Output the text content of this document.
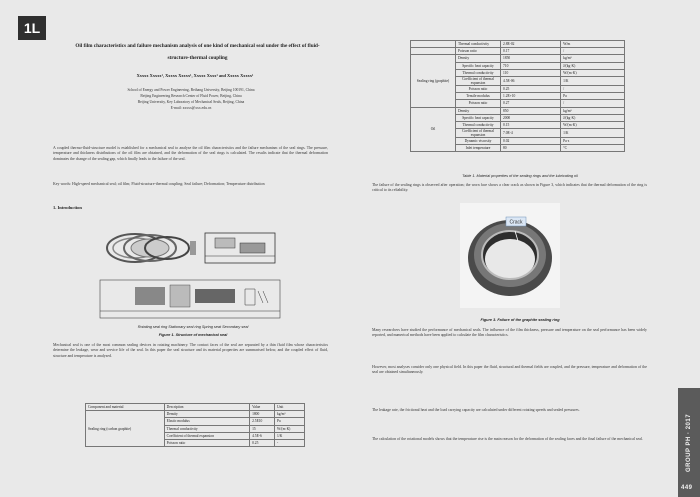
1L
Oil film characteristics and failure mechanism analysis of one kind of mechanical seal under the effect of fluid-structure-thermal coupling
Xxxxx Xxxxx¹, Xxxxx Xxxxx¹, Xxxxx Xxxx¹ and Xxxxx Xxxxx¹
School of Energy and Power Engineering, Beihang University, Beijing 100191, China
Beijing Engineering Research Center of Fluid Power, Beijing, China
Beijing University, Key Laboratory of Mechanical Seals, Beijing, China
E-mail: xxxxx@xxx.edu.cn

A coupled thermo-fluid-structure model is established for a mechanical seal to analyse the oil film characteristics and the failure mechanism of the seal rings. The pressure, temperature and thickness distributions of the oil film are obtained, and the deformation of the seal rings is calculated. The results indicate that the thermal deformation dominates the change of the sealing gap, which finally leads to the failure of the seal.

Key words: High-speed mechanical seal; oil film; Fluid-structure-thermal coupling; Seal failure; Deformation; Temperature distribution

1. Introduction
Rotating seal ring Stationary seal ring Spring seat Secondary seal
Figure 1. Structure of mechanical seal

Mechanical seal is one of the most common sealing devices in rotating machinery. The contact faces of the seal are separated by a thin fluid film whose characteristics determine the leakage, wear and service life of the seal. In this paper the seal structure and its material properties are summarised below, and the coupled effect of fluid, structure and temperature is analysed.

Component and material	Description	Value	Unit
Sealing ring (carbon graphite)	Density	1800	kg/m³
	Elastic modulus	2.5E10	Pa
	Thermal conductivity	15	W/(m·K)
	Coefficient of thermal expansion	4.5E-6	1/K
	Poisson ratio	0.25	-
	Thermal conductivity	2.8E-02	W/m
	Poisson ratio	0.17	/
Sealing ring (graphite)	Density	1850	kg/m³
	Specific heat capacity	710	J/(kg·K)
	Thermal conductivity	110	W/(m·K)
	Coefficient of thermal expansion	4.5E-06	1/K
	Poisson ratio	0.25	/
	Tensile modulus	1.2E+10	Pa
	Poisson ratio	0.27	/
Oil	Density	850	kg/m³
	Specific heat capacity	2000	J/(kg·K)
	Thermal conductivity	0.15	W/(m·K)
	Coefficient of thermal expansion	7.0E-4	1/K
	Dynamic viscosity	0.02	Pa·s
	Inlet temperature	80	°C
Table 1. Material properties of the sealing rings and the lubricating oil

The failure of the sealing rings is observed after operation; the worn face shows a clear crack as shown in Figure 3, which indicates that the thermal deformation of the ring is critical to its reliability.

Crack
Figure 3. Failure of the graphite sealing ring

Many researchers have studied the performance of mechanical seals. The influence of the film thickness, pressure and temperature on the seal performance has been widely reported, and numerical methods have been applied to calculate the film characteristics.

However, most analyses consider only one physical field. In this paper the fluid, structural and thermal fields are coupled, and the pressure, temperature and deformation of the seal are obtained simultaneously.

The leakage rate, the frictional heat and the load carrying capacity are calculated under different rotating speeds and sealed pressures.

The calculation of the rotational models shows that the temperature rise is the main reason for the deformation of the sealing faces and the final failure of the mechanical seal.	GROUP PH · 2017
449
